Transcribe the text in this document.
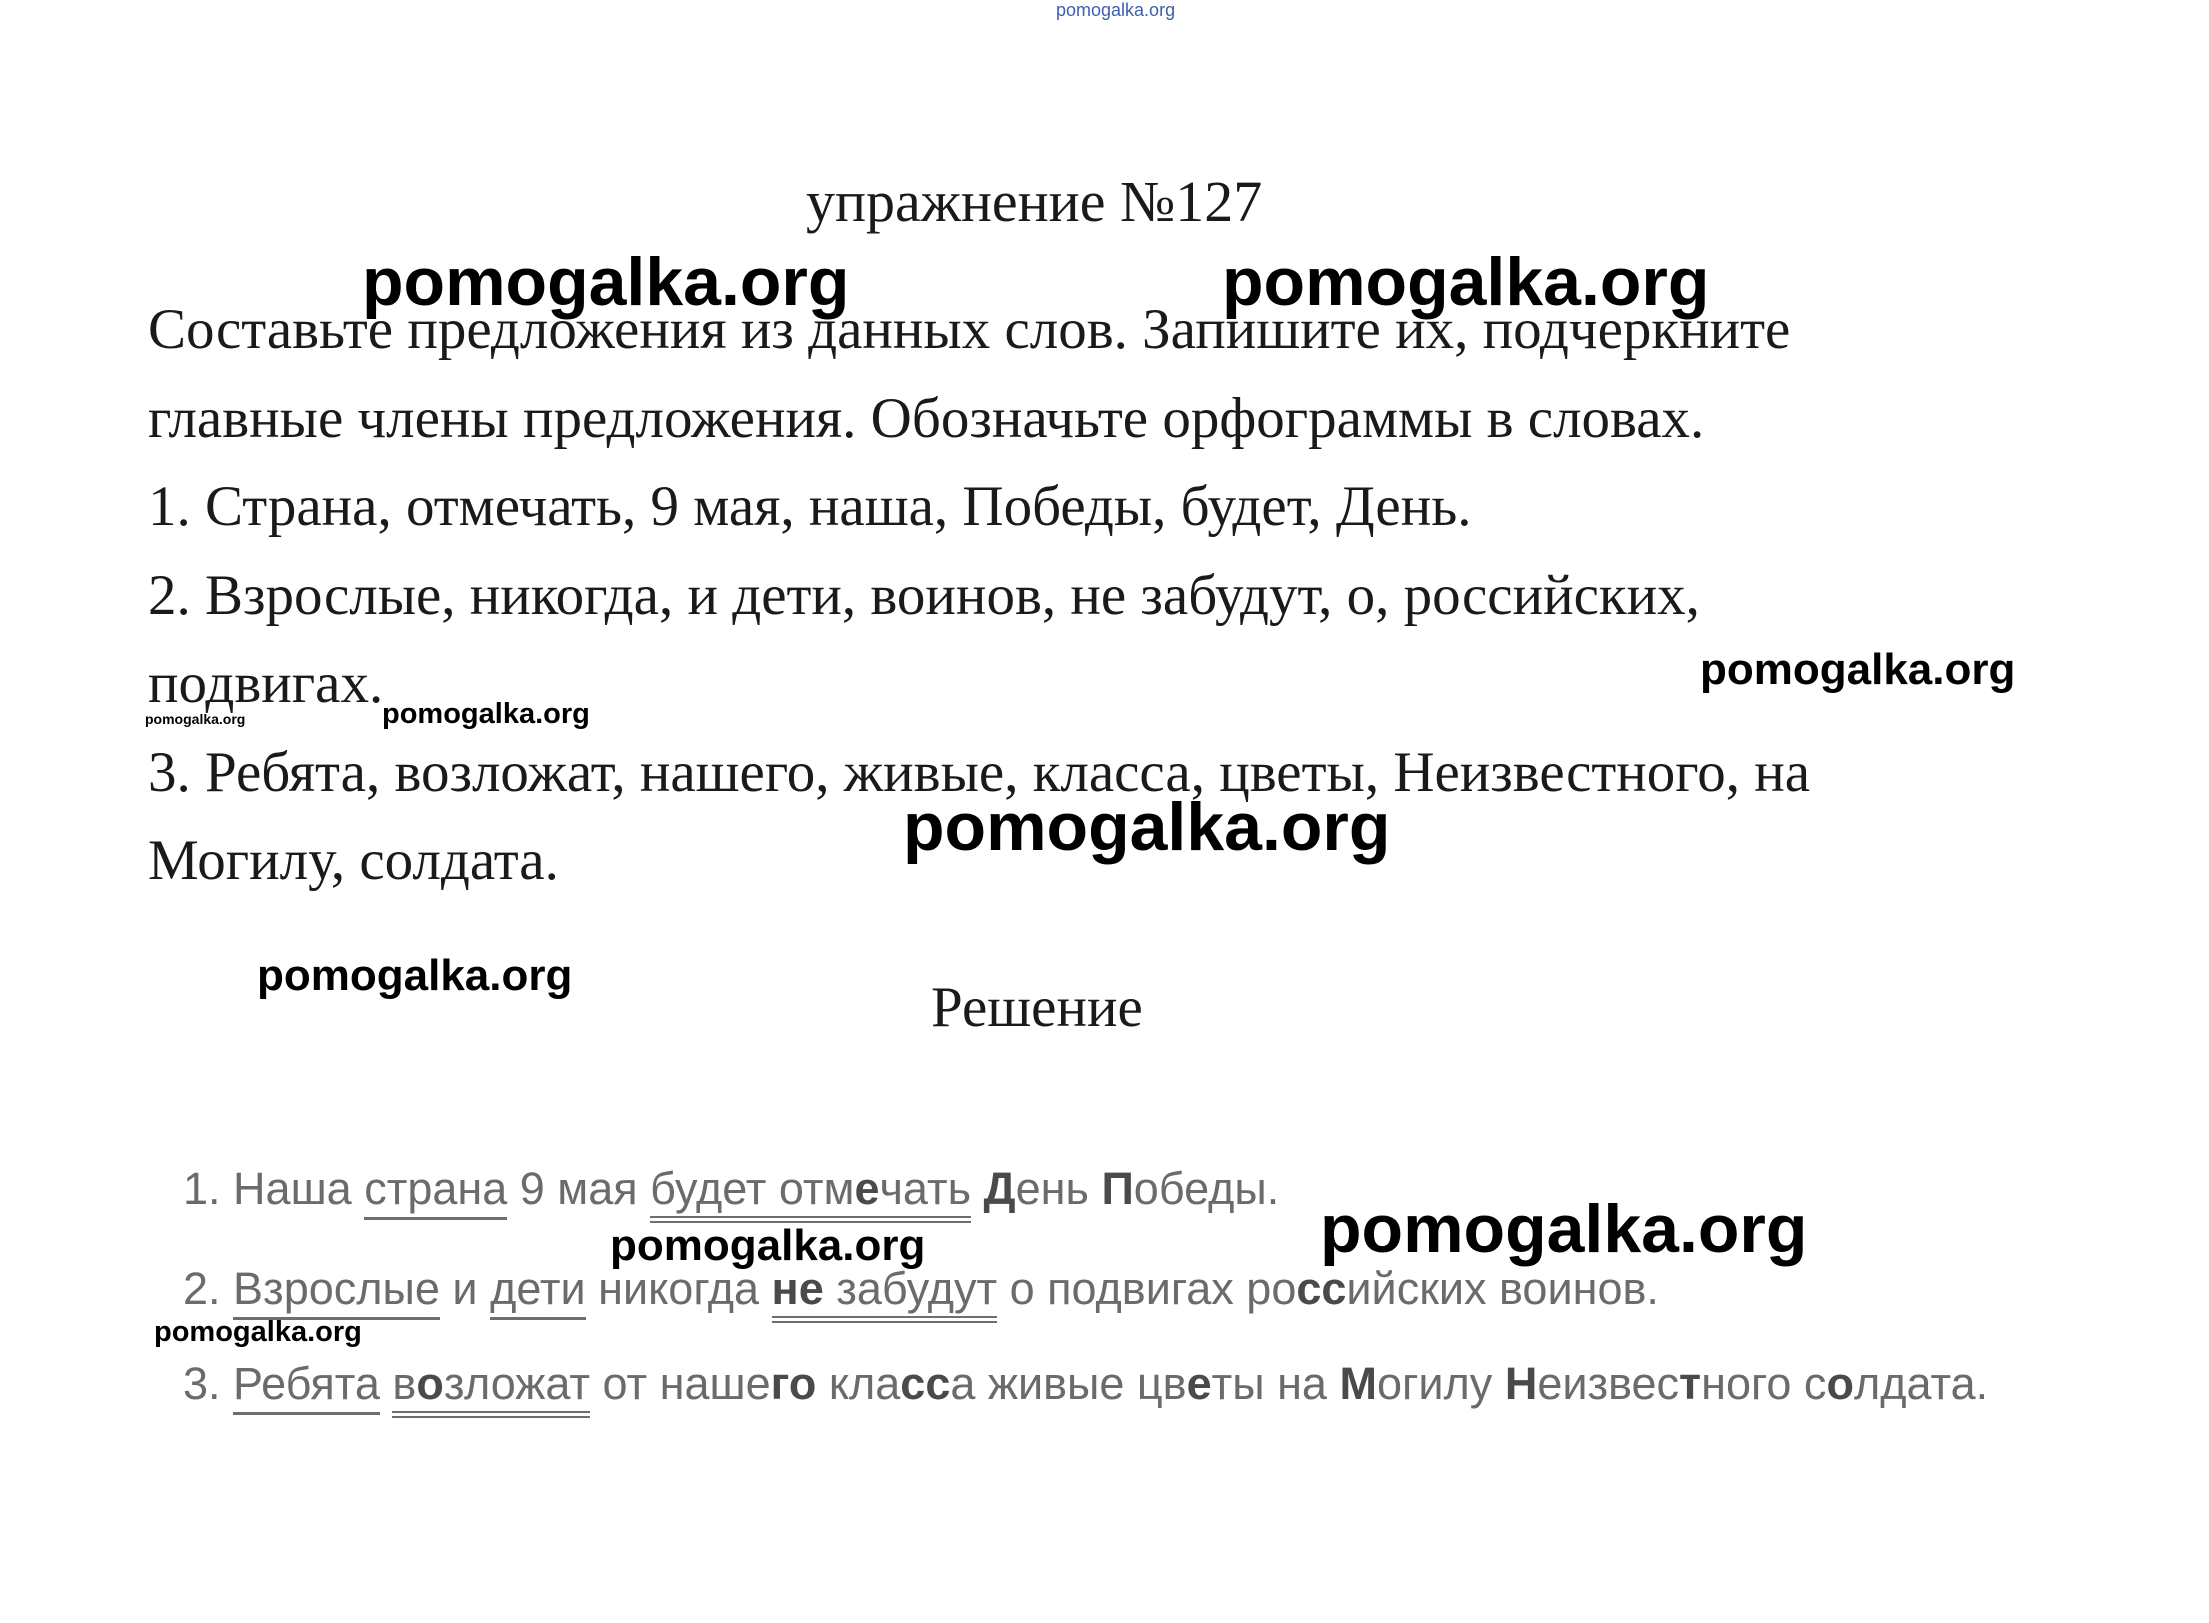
pomogalka.org
упражнение №127
Составьте предложения из данных слов. Запишите их, подчеркните
главные члены предложения. Обозначьте орфограммы в словах.
1. Страна, отмечать, 9 мая, наша, Победы, будет, День.
2. Взрослые, никогда, и дети, воинов, не забудут, о, российских,
подвигах.
3. Ребята, возложат, нашего, живые, класса, цветы, Неизвестного, на
Могилу, солдата.
Решение
1. Наша страна 9 мая будет отмечать День Победы.
2. Взрослые и дети никогда не забудут о подвигах российских воинов.
3. Ребята возложат от нашего класса живые цветы на Могилу Неизвестного солдата.
pomogalka.org	pomogalka.org
pomogalka.org
pomogalka.org	pomogalka.org
pomogalka.org
pomogalka.org
pomogalka.org
pomogalka.org
pomogalka.org
